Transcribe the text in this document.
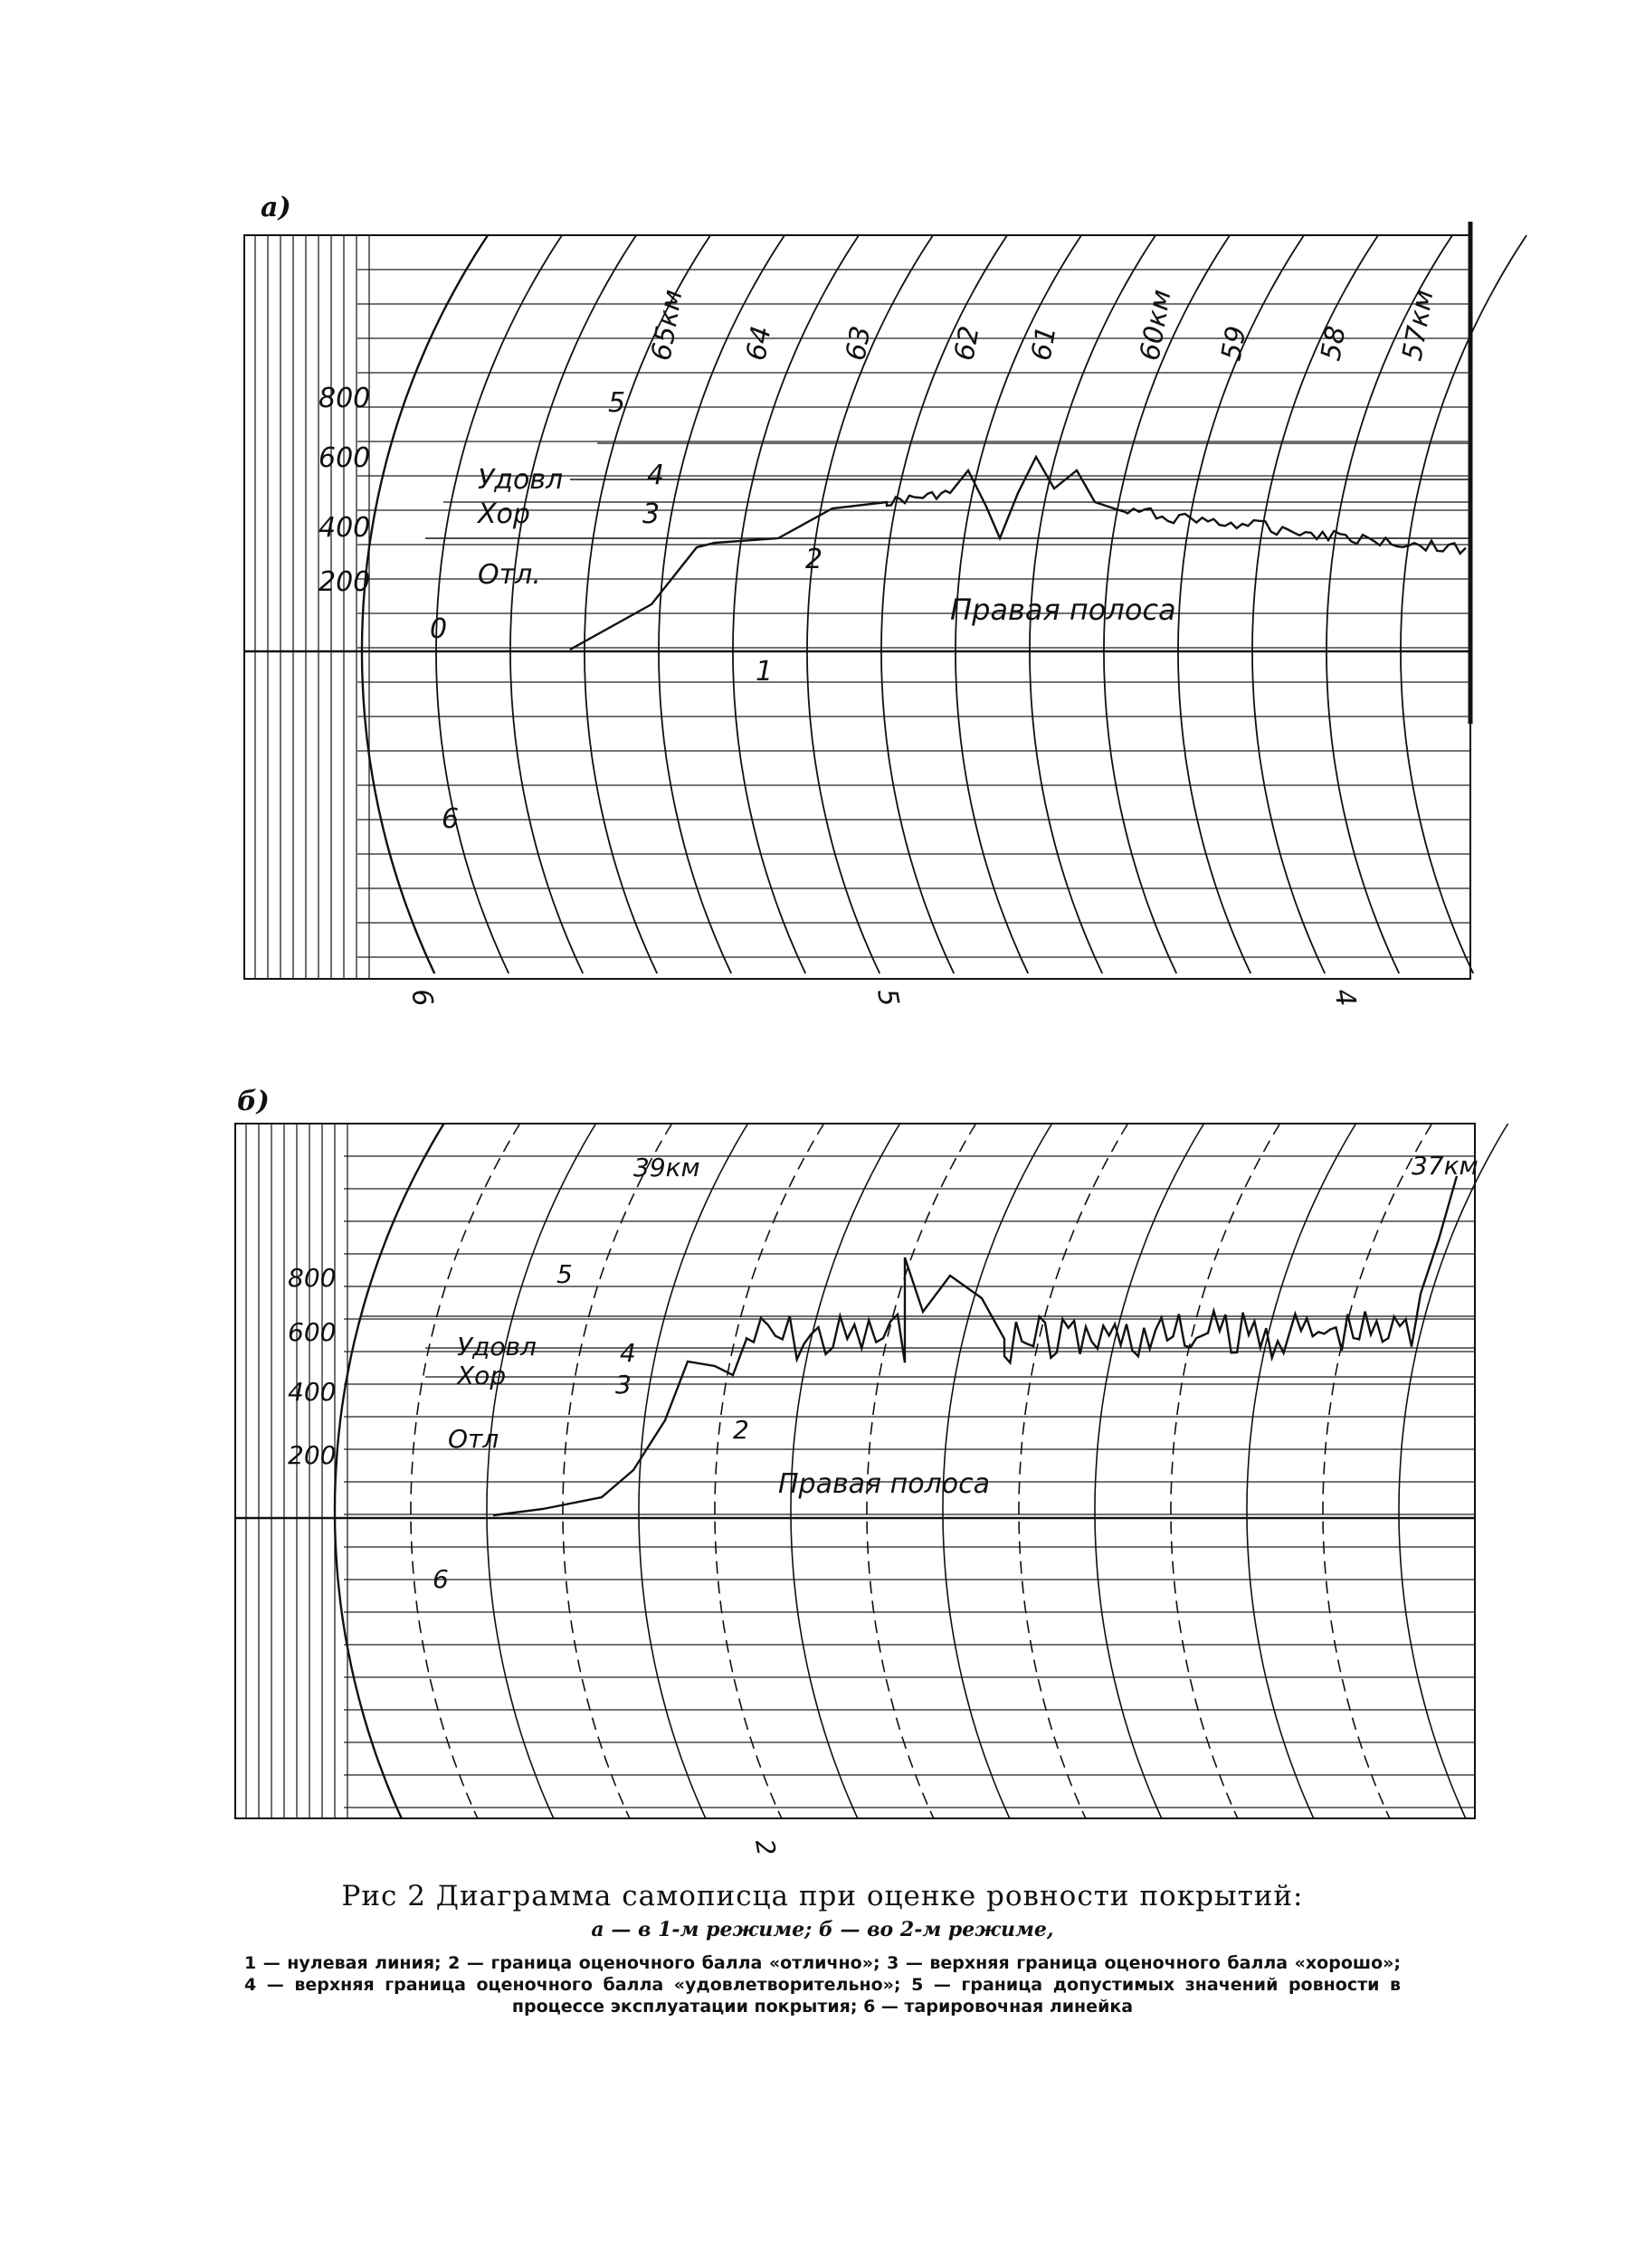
а)
800
600
400
200
0
Удовл
Хор
Отл.
65км 64 63	62 61	60км 59 58 57км
Правая полоса
1
2
3
4
5
6
6	5	4
б)
800
600
400
200
Удовл
Хор
Отл
39км	37км
Правая полоса
2
3
4
5
6
2
Рис 2 Диаграмма самописца при оценке ровности покрытий:
а — в 1-м режиме; б — во 2-м режиме,
1 — нулевая линия; 2 — граница оценочного балла «отлично»; 3 — верхняя граница оценочного балла «хорошо»; 4 — верхняя граница оценочного балла «удовлетворительно»; 5 — граница допустимых значений ровности в процессе эксплуатации покрытия; 6 — тарировочная линейка
